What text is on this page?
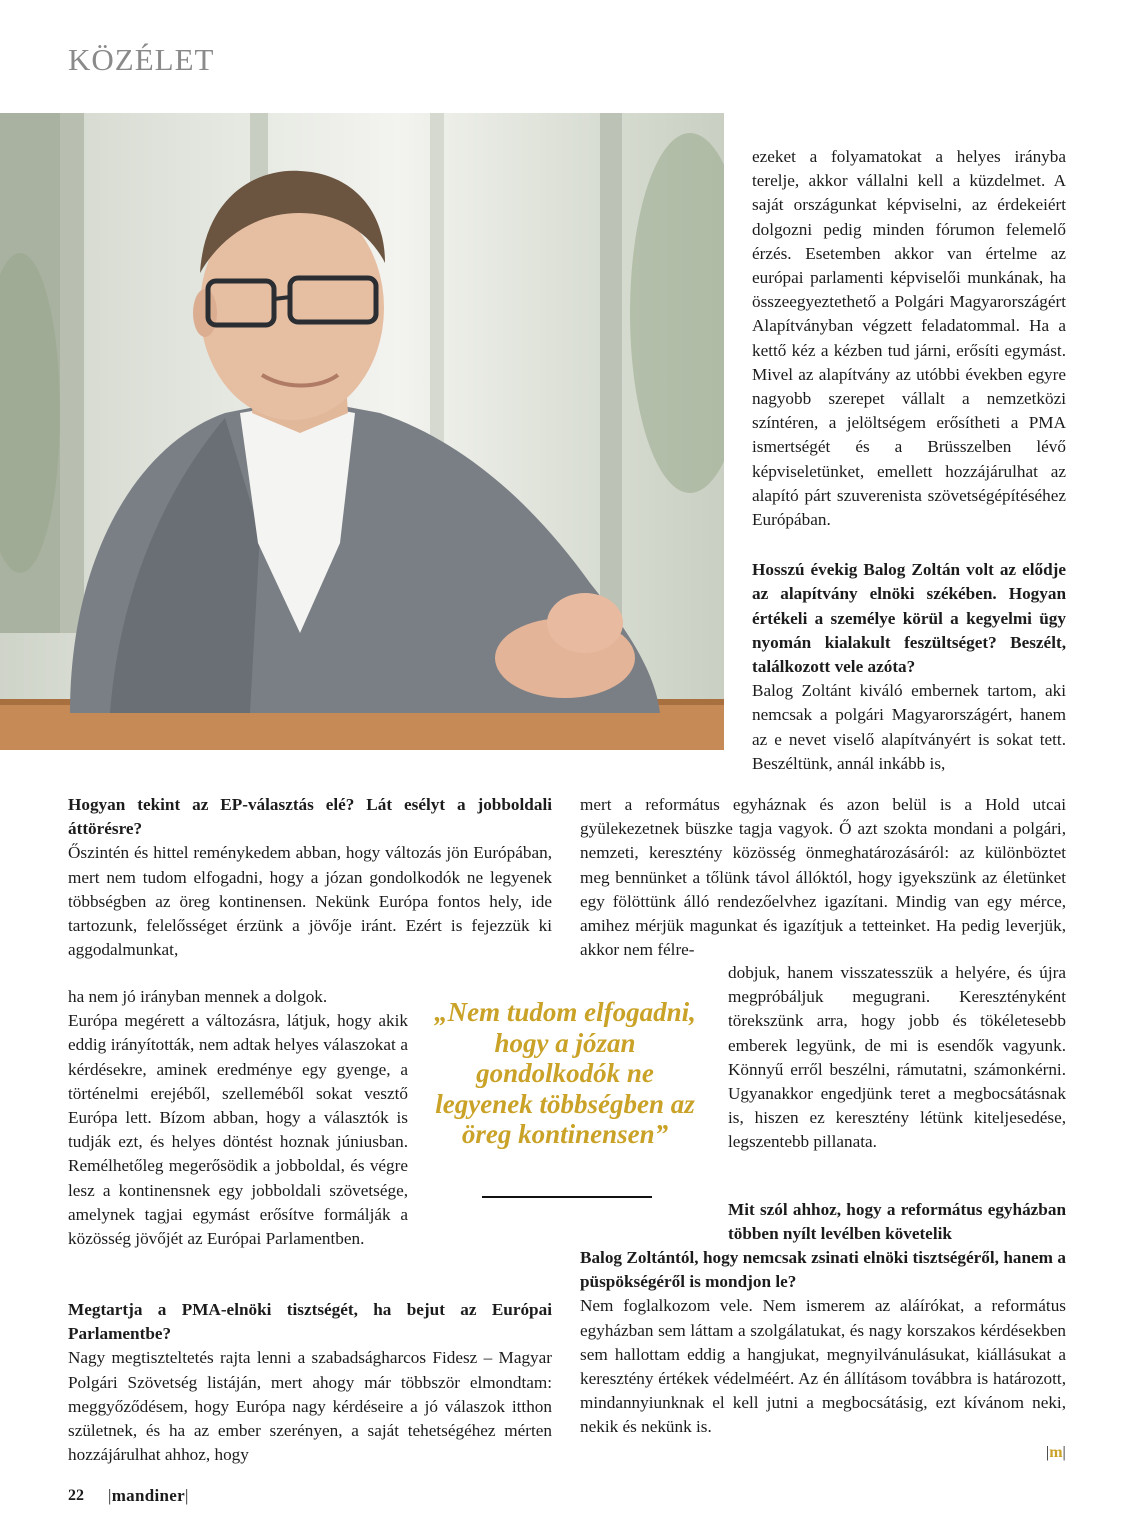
KÖZÉLET

ezeket a folyamatokat a helyes irányba terelje, akkor vállalni kell a küzdelmet. A saját országunkat képviselni, az érdekeiért dolgozni pedig minden fórumon felemelő érzés. Esetemben akkor van értelme az európai parlamenti képviselői munkának, ha összeegyeztethető a Polgári Magyarországért Alapítványban végzett feladatommal. Ha a kettő kéz a kézben tud járni, erősíti egymást. Mivel az alapítvány az utóbbi években egyre nagyobb szerepet vállalt a nemzetközi színtéren, a jelöltségem erősítheti a PMA ismertségét és a Brüsszelben lévő képviseletünket, emellett hozzájárulhat az alapító párt szuverenista szövetségépítéséhez Európában.

Hosszú évekig Balog Zoltán volt az elődje az alapítvány elnöki székében. Hogyan értékeli a személye körül a kegyelmi ügy nyomán kialakult feszültséget? Beszélt, találkozott vele azóta?

Balog Zoltánt kiváló embernek tartom, aki nemcsak a polgári Magyarországért, hanem az e nevet viselő alapítványért is sokat tett. Beszéltünk, annál inkább is,

Hogyan tekint az EP-választás elé? Lát esélyt a jobboldali áttörésre?

Őszintén és hittel reménykedem abban, hogy változás jön Európában, mert nem tudom elfogadni, hogy a józan gondolkodók ne legyenek többségben az öreg kontinensen. Nekünk Európa fontos hely, ide tartozunk, felelősséget érzünk a jövője iránt. Ezért is fejezzük ki aggodalmunkat,

ha nem jó irányban mennek a dolgok.

Európa megérett a változásra, látjuk, hogy akik eddig irányították, nem adtak helyes válaszokat a kérdésekre, aminek eredménye egy gyenge, a történelmi erejéből, szelleméből sokat vesztő Európa lett. Bízom abban, hogy a választók is tudják ezt, és helyes döntést hoznak júniusban. Remélhetőleg megerősödik a jobboldal, és végre lesz a kontinensnek egy jobboldali szövetsége, amelynek tagjai egymást erősítve formálják a közösség jövőjét az Európai Parlamentben.

Megtartja a PMA-elnöki tisztségét, ha bejut az Európai Parlamentbe?

Nagy megtiszteltetés rajta lenni a szabadságharcos Fidesz – Magyar Polgári Szövetség listáján, mert ahogy már többször elmondtam: meggyőződésem, hogy Európa nagy kérdéseire a jó válaszok itthon születnek, és ha az ember szerényen, a saját tehetségéhez mérten hozzájárulhat ahhoz, hogy

mert a református egyháznak és azon belül is a Hold utcai gyülekezetnek büszke tagja vagyok. Ő azt szokta mondani a polgári, nemzeti, keresztény közösség önmeghatározásáról: az különböztet meg bennünket a tőlünk távol állóktól, hogy igyekszünk az életünket egy fölöttünk álló rendezőelvhez igazítani. Mindig van egy mérce, amihez mérjük magunkat és igazítjuk a tetteinket. Ha pedig leverjük, akkor nem félre-

dobjuk, hanem visszatesszük a helyére, és újra megpróbáljuk megugrani. Keresztényként törekszünk arra, hogy jobb és tökéletesebb emberek legyünk, de mi is esendők vagyunk. Könnyű erről beszélni, rámutatni, számonkérni. Ugyanakkor engedjünk teret a megbocsátásnak is, hiszen ez keresztény létünk kiteljesedése, legszentebb pillanata.

„Nem tudom elfogadni, hogy a józan gondolkodók ne legyenek többségben az öreg kontinensen”

Mit szól ahhoz, hogy a református egyházban többen nyílt levélben követelik

Balog Zoltántól, hogy nemcsak zsinati elnöki tisztségéről, hanem a püspökségéről is mondjon le?

Nem foglalkozom vele. Nem ismerem az aláírókat, a református egyházban sem láttam a szolgálatukat, és nagy korszakos kérdésekben sem hallottam eddig a hangjukat, megnyilvánulásukat, kiállásukat a keresztény értékek védelméért. Az én állításom továbbra is határozott, mindannyiunknak el kell jutni a megbocsátásig, ezt kívánom neki, nekik és nekünk is.

|m|
22 |mandiner|
